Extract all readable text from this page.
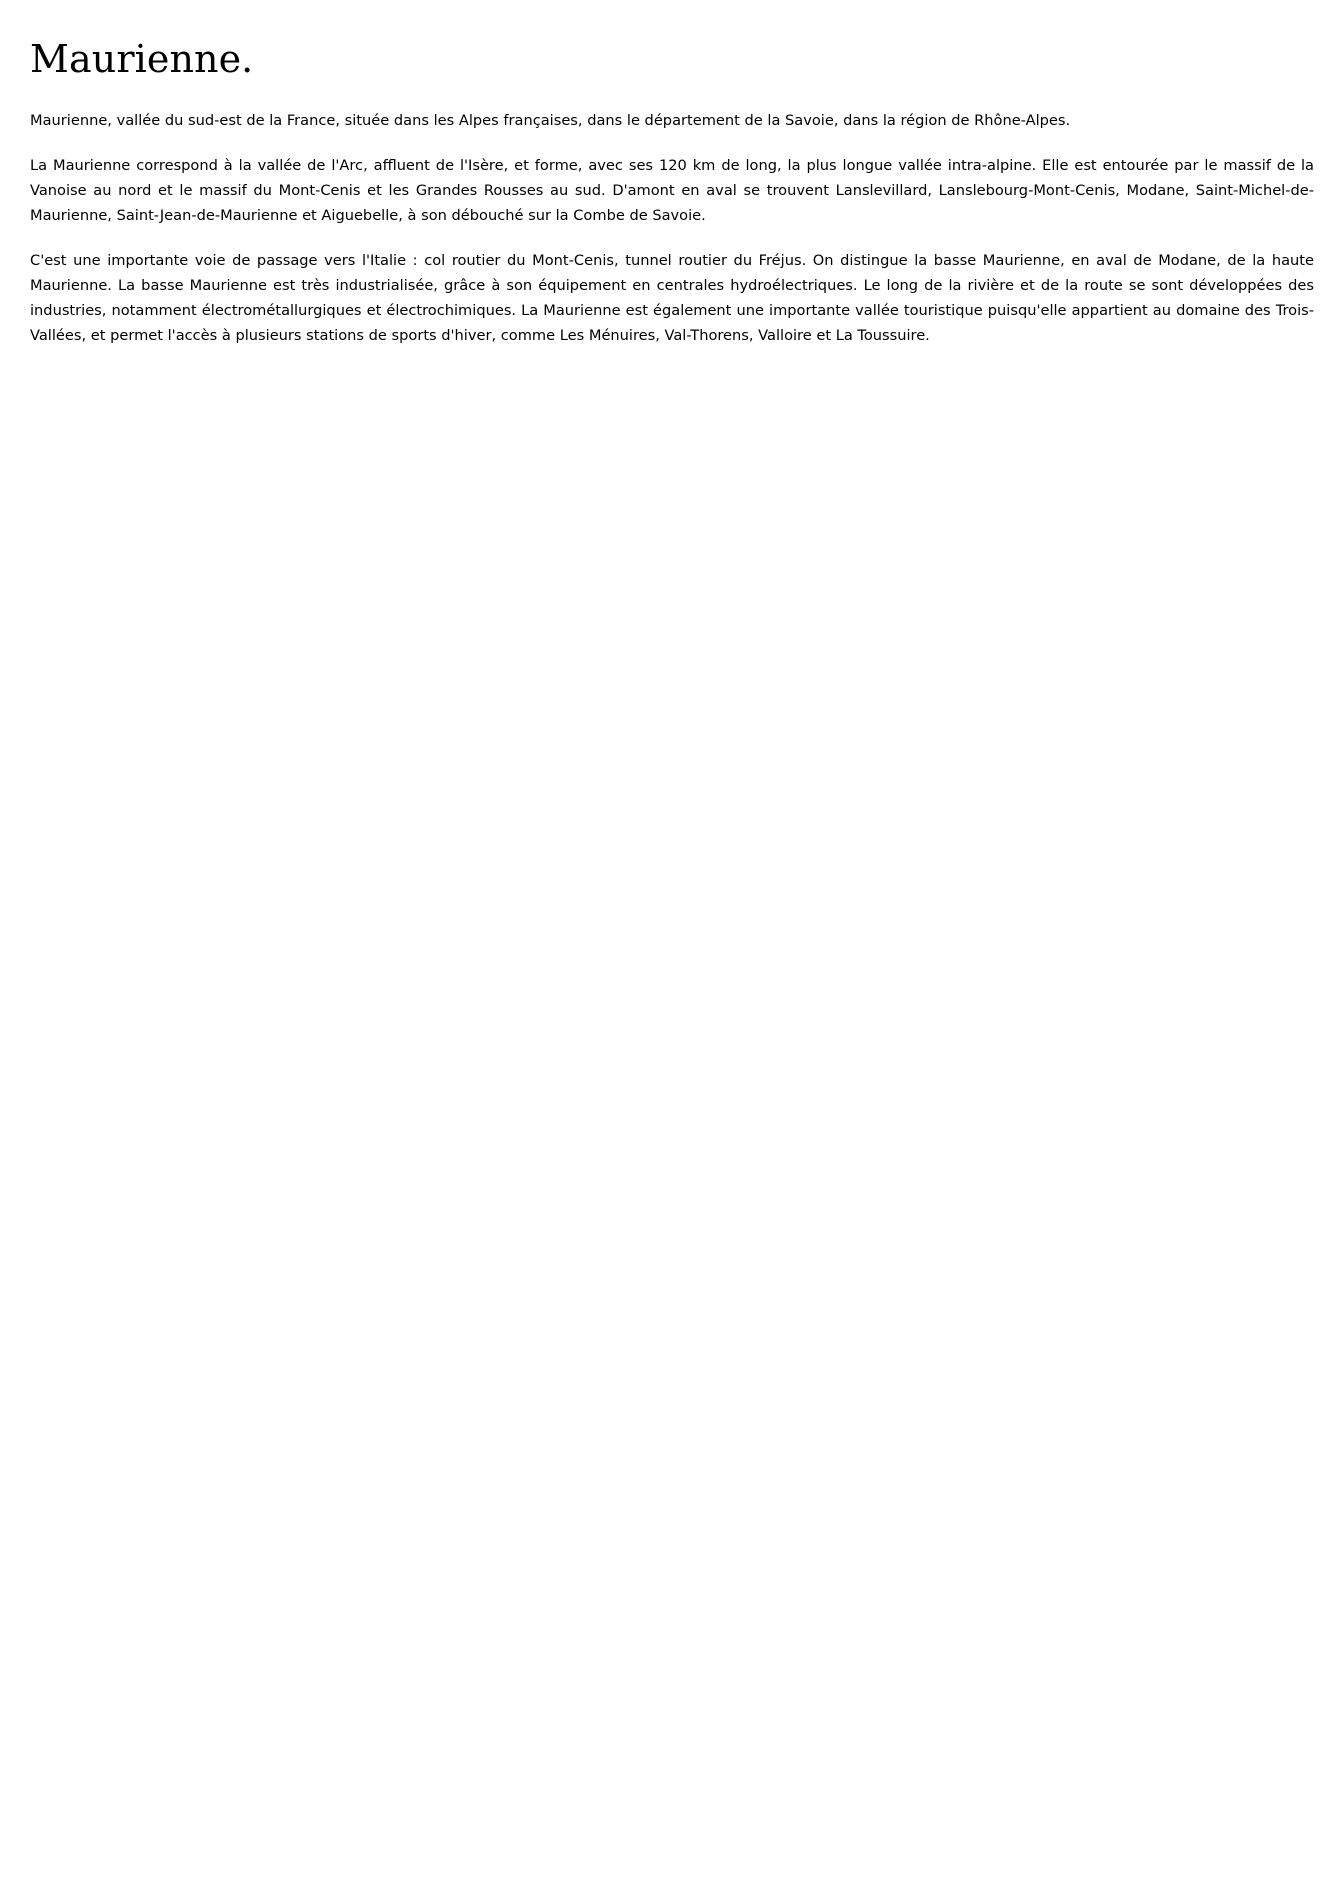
Maurienne.

Maurienne, vallée du sud-est de la France, située dans les Alpes françaises, dans le département de la Savoie, dans la région de Rhône-Alpes.

La Maurienne correspond à la vallée de l'Arc, affluent de l'Isère, et forme, avec ses 120 km de long, la plus longue vallée intra-alpine. Elle est entourée par le massif de la Vanoise au nord et le massif du Mont-Cenis et les Grandes Rousses au sud. D'amont en aval se trouvent Lanslevillard, Lanslebourg-Mont-Cenis, Modane, Saint-Michel-de-Maurienne, Saint-Jean-de-Maurienne et Aiguebelle, à son débouché sur la Combe de Savoie.

C'est une importante voie de passage vers l'Italie : col routier du Mont-Cenis, tunnel routier du Fréjus. On distingue la basse Maurienne, en aval de Modane, de la haute Maurienne. La basse Maurienne est très industrialisée, grâce à son équipement en centrales hydroélectriques. Le long de la rivière et de la route se sont développées des industries, notamment électrométallurgiques et électrochimiques. La Maurienne est également une importante vallée touristique puisqu'elle appartient au domaine des Trois-Vallées, et permet l'accès à plusieurs stations de sports d'hiver, comme Les Ménuires, Val-Thorens, Valloire et La Toussuire.
